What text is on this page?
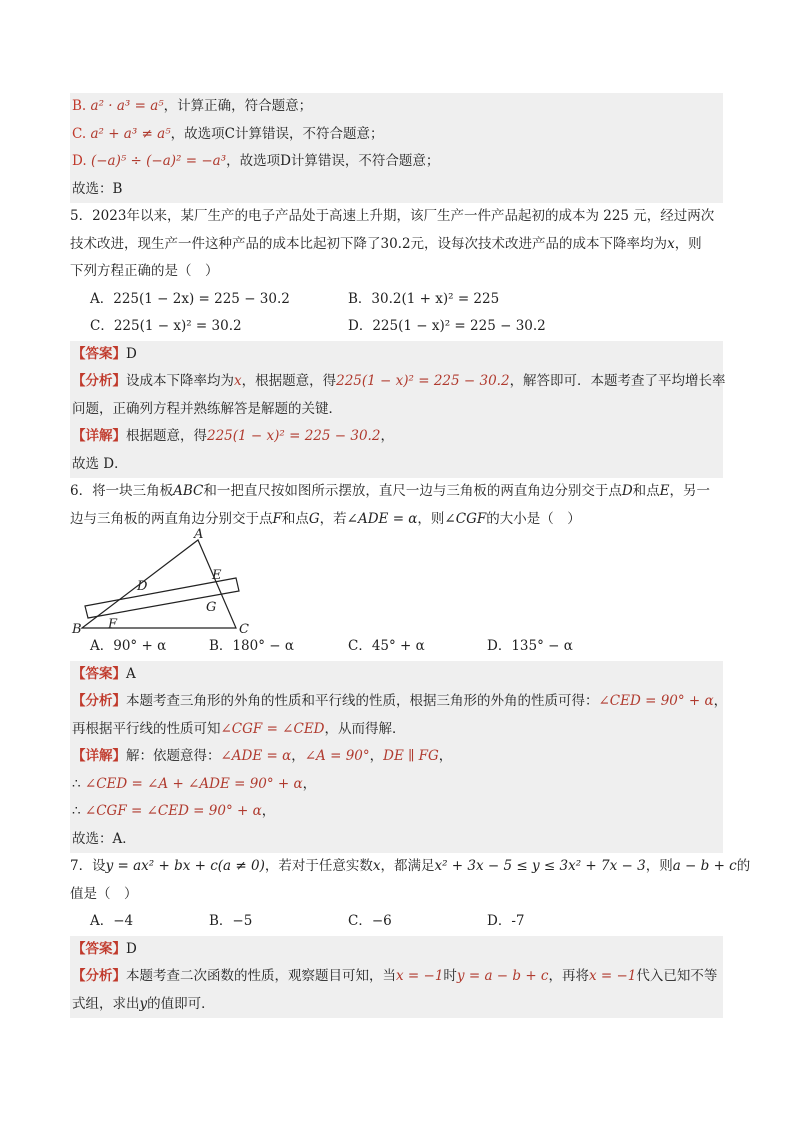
B. a² · a³ = a⁵，计算正确，符合题意；
C. a² + a³ ≠ a⁵，故选项C计算错误，不符合题意；
D. (−a)⁵ ÷ (−a)² = −a³，故选项D计算错误，不符合题意；
故选：B
5．2023年以来，某厂生产的电子产品处于高速上升期，该厂生产一件产品起初的成本为 225 元，经过两次
技术改进，现生产一件这种产品的成本比起初下降了30.2元，设每次技术改进产品的成本下降率均为x，则
下列方程正确的是（　）
A．225(1 − 2x) = 225 − 30.2	B．30.2(1 + x)² = 225
C．225(1 − x)² = 30.2	D．225(1 − x)² = 225 − 30.2
【答案】D
【分析】设成本下降率均为x，根据题意，得225(1 − x)² = 225 − 30.2，解答即可．本题考查了平均增长率
问题，正确列方程并熟练解答是解题的关键．
【详解】根据题意，得225(1 − x)² = 225 − 30.2，
故选 D．
6．将一块三角板ABC和一把直尺按如图所示摆放，直尺一边与三角板的两直角边分别交于点D和点E，另一
边与三角板的两直角边分别交于点F和点G，若∠ADE = α，则∠CGF的大小是（　）
A
B	C
D
E
F
G
A．90° + α	B．180° − α	C．45° + α	D．135° − α
【答案】A
【分析】本题考查三角形的外角的性质和平行线的性质，根据三角形的外角的性质可得：∠CED = 90° + α，
再根据平行线的性质可知∠CGF = ∠CED，从而得解．
【详解】解：依题意得：∠ADE = α，∠A = 90°，DE ∥ FG，
∴ ∠CED = ∠A + ∠ADE = 90° + α，
∴ ∠CGF = ∠CED = 90° + α，
故选：A．
7．设y = ax² + bx + c(a ≠ 0)，若对于任意实数x，都满足x² + 3x − 5 ≤ y ≤ 3x² + 7x − 3，则a − b + c的
值是（　）
A．−4	B．−5	C．−6	D．-7
【答案】D
【分析】本题考查二次函数的性质，观察题目可知，当x = −1时y = a − b + c，再将x = −1代入已知不等
式组，求出y的值即可．
